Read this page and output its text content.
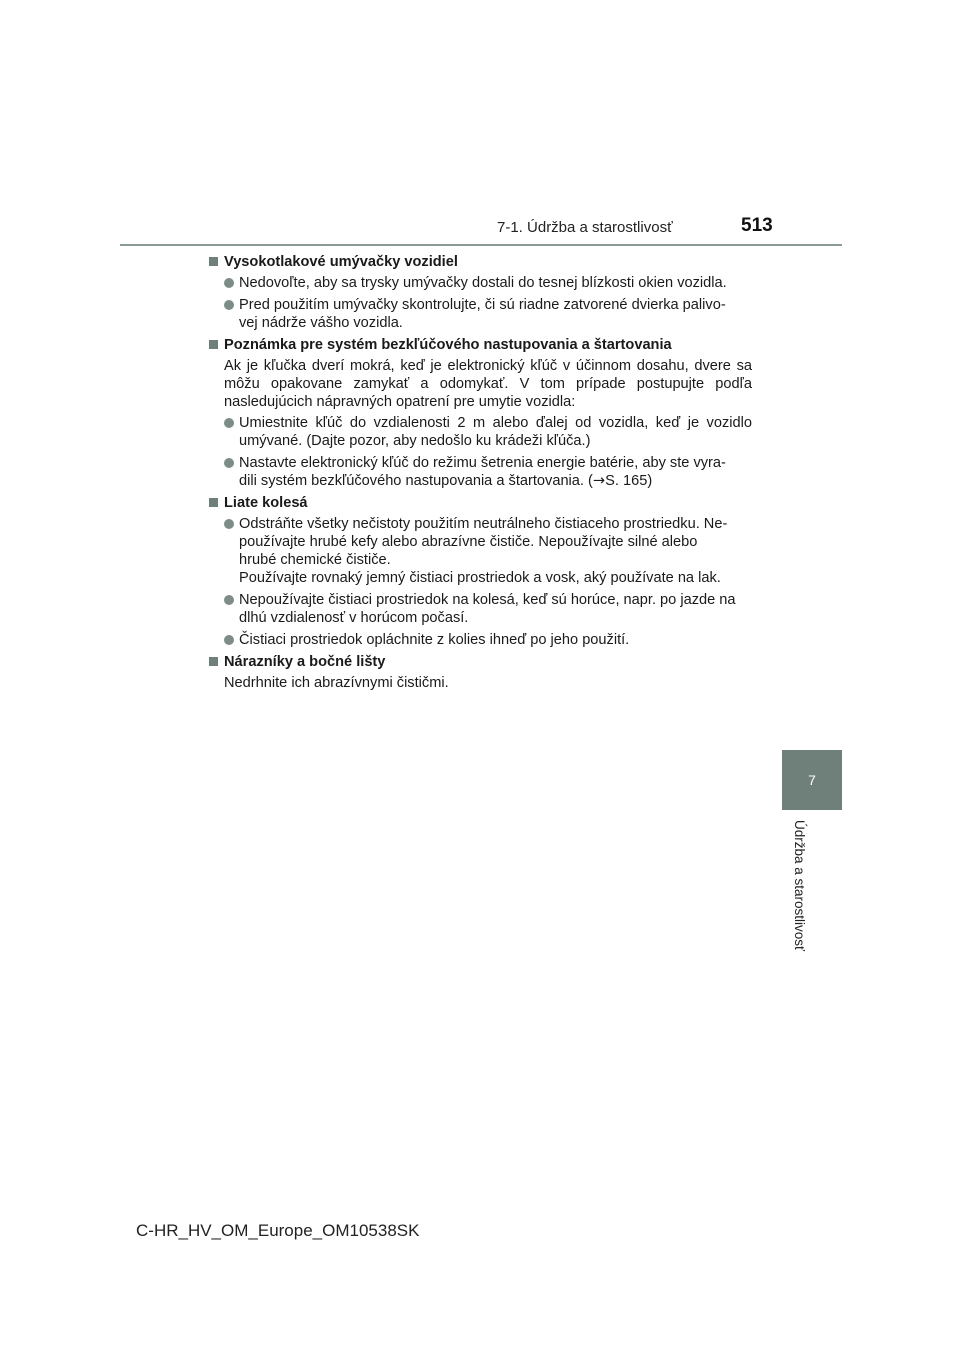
7-1. Údržba a starostlivosť	513
Vysokotlakové umývačky vozidiel
Nedovoľte, aby sa trysky umývačky dostali do tesnej blízkosti okien vozidla.
Pred použitím umývačky skontrolujte, či sú riadne zatvorené dvierka palivo-
vej nádrže vášho vozidla.
Poznámka pre systém bezkľúčového nastupovania a štartovania
Ak je kľučka dverí mokrá, keď je elektronický kľúč v účinnom dosahu, dvere sa môžu opakovane zamykať a odomykať. V tom prípade postupujte podľa nasledujúcich nápravných opatrení pre umytie vozidla:
Umiestnite kľúč do vzdialenosti 2 m alebo ďalej od vozidla, keď je vozidlo umývané. (Dajte pozor, aby nedošlo ku krádeži kľúča.)
Nastavte elektronický kľúč do režimu šetrenia energie batérie, aby ste vyra-
dili systém bezkľúčového nastupovania a štartovania. (→S. 165)
Liate kolesá
Odstráňte všetky nečistoty použitím neutrálneho čistiaceho prostriedku. Ne-
používajte hrubé kefy alebo abrazívne čističe. Nepoužívajte silné alebo
hrubé chemické čističe.
Používajte rovnaký jemný čistiaci prostriedok a vosk, aký používate na lak.
Nepoužívajte čistiaci prostriedok na kolesá, keď sú horúce, napr. po jazde na
dlhú vzdialenosť v horúcom počasí.
Čistiaci prostriedok opláchnite z kolies ihneď po jeho použití.
Nárazníky a bočné lišty
Nedrhnite ich abrazívnymi čističmi.
7
Údržba a starostlivosť
C-HR_HV_OM_Europe_OM10538SK
